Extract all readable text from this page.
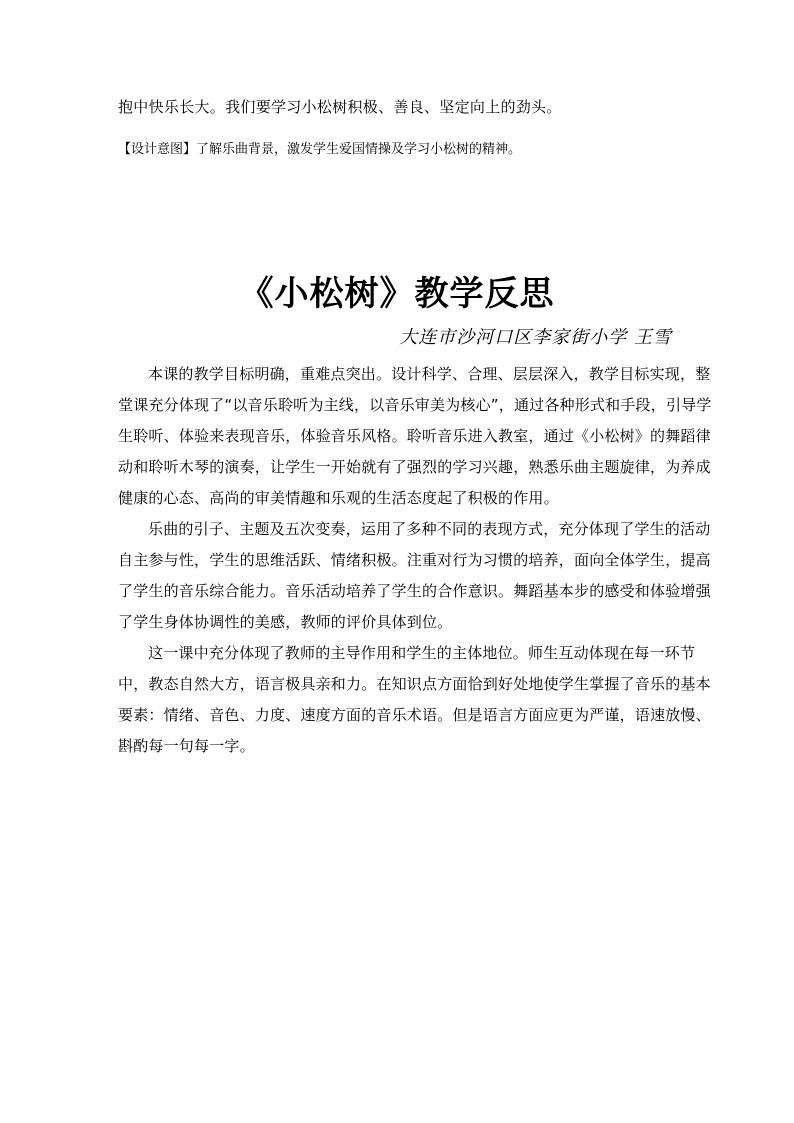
抱中快乐长大。我们要学习小松树积极、善良、坚定向上的劲头。
【设计意图】了解乐曲背景，激发学生爱国情操及学习小松树的精神。
《小松树》教学反思
大连市沙河口区李家街小学 王雪

本课的教学目标明确，重难点突出。设计科学、合理、层层深入，教学目标实现，整
堂课充分体现了“以音乐聆听为主线，以音乐审美为核心”，通过各种形式和手段，引导学
生聆听、体验来表现音乐，体验音乐风格。聆听音乐进入教室，通过《小松树》的舞蹈律
动和聆听木琴的演奏，让学生一开始就有了强烈的学习兴趣，熟悉乐曲主题旋律，为养成
健康的心态、高尚的审美情趣和乐观的生活态度起了积极的作用。

乐曲的引子、主题及五次变奏，运用了多种不同的表现方式，充分体现了学生的活动
自主参与性，学生的思维活跃、情绪积极。注重对行为习惯的培养，面向全体学生，提高
了学生的音乐综合能力。音乐活动培养了学生的合作意识。舞蹈基本步的感受和体验增强
了学生身体协调性的美感，教师的评价具体到位。

这一课中充分体现了教师的主导作用和学生的主体地位。师生互动体现在每一环节
中，教态自然大方，语言极具亲和力。在知识点方面恰到好处地使学生掌握了音乐的基本
要素：情绪、音色、力度、速度方面的音乐术语。但是语言方面应更为严谨，语速放慢、
斟酌每一句每一字。
